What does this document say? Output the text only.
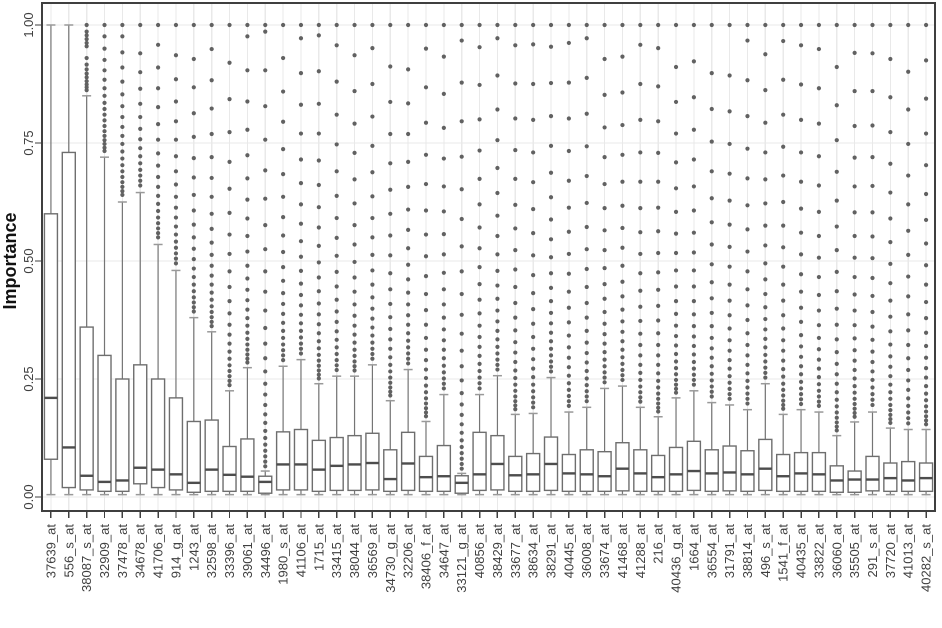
Importance
0.00
0.25
0.50
0.75
1.00
37639_at 556_s_at 38087_s_at 32909_at 37478_at 34678_at 41706_at 914_g_at 1243_at 32598_at 33396_at 39061_at 34496_at 1980_s_at 41106_at 1715_at 33415_at 38044_at 36569_at 34730_g_at 32206_at 38406_f_at 34647_at 33121_g_at 40856_at 38429_at 33677_at 38634_at 38291_at 40445_at 36008_at 33674_at 41468_at 41288_at 216_at 40436_g_at 1664_at 36554_at 31791_at 38814_at 496_s_at 1541_f_at 40435_at 33822_at 36060_at 35505_at 291_s_at 37720_at 41013_at 40282_s_at
